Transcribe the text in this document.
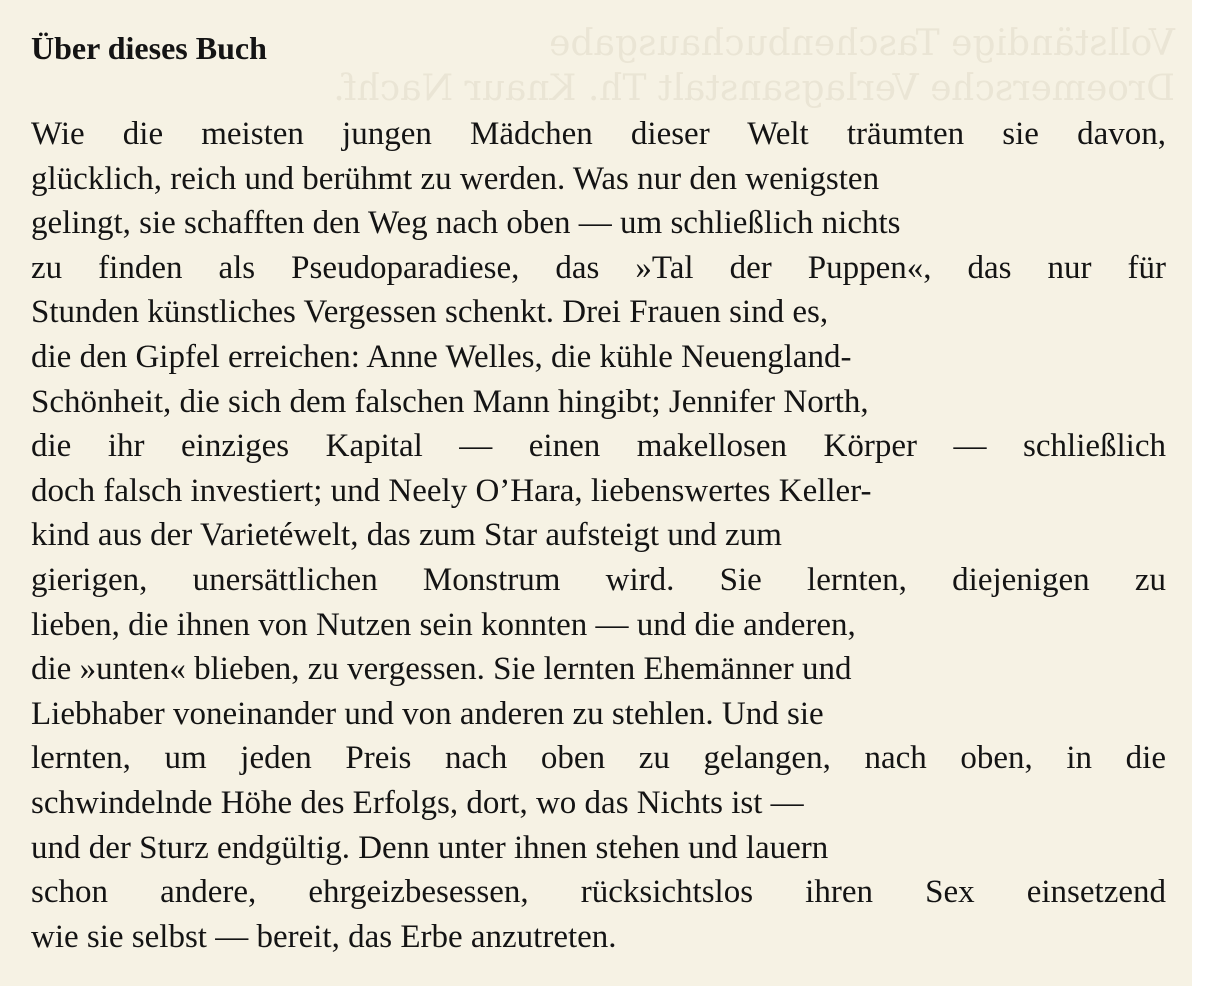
Vollständige Taschenbuchausgabe
Droemersche Verlagsanstalt Th. Knaur Nachf.
Über dieses Buch
Wie die meisten jungen Mädchen dieser Welt träumten sie davon,
glücklich, reich und berühmt zu werden. Was nur den wenigsten
gelingt, sie schafften den Weg nach oben — um schließlich nichts
zu finden als Pseudoparadiese, das »Tal der Puppen«, das nur für
Stunden künstliches Vergessen schenkt. Drei Frauen sind es,
die den Gipfel erreichen: Anne Welles, die kühle Neuengland-
Schönheit, die sich dem falschen Mann hingibt; Jennifer North,
die ihr einziges Kapital — einen makellosen Körper — schließlich
doch falsch investiert; und Neely O’Hara, liebenswertes Keller-
kind aus der Varietéwelt, das zum Star aufsteigt und zum
gierigen, unersättlichen Monstrum wird. Sie lernten, diejenigen zu
lieben, die ihnen von Nutzen sein konnten — und die anderen,
die »unten« blieben, zu vergessen. Sie lernten Ehemänner und
Liebhaber voneinander und von anderen zu stehlen. Und sie
lernten, um jeden Preis nach oben zu gelangen, nach oben, in die
schwindelnde Höhe des Erfolgs, dort, wo das Nichts ist —
und der Sturz endgültig. Denn unter ihnen stehen und lauern
schon andere, ehrgeizbesessen, rücksichtslos ihren Sex einsetzend
wie sie selbst — bereit, das Erbe anzutreten.
